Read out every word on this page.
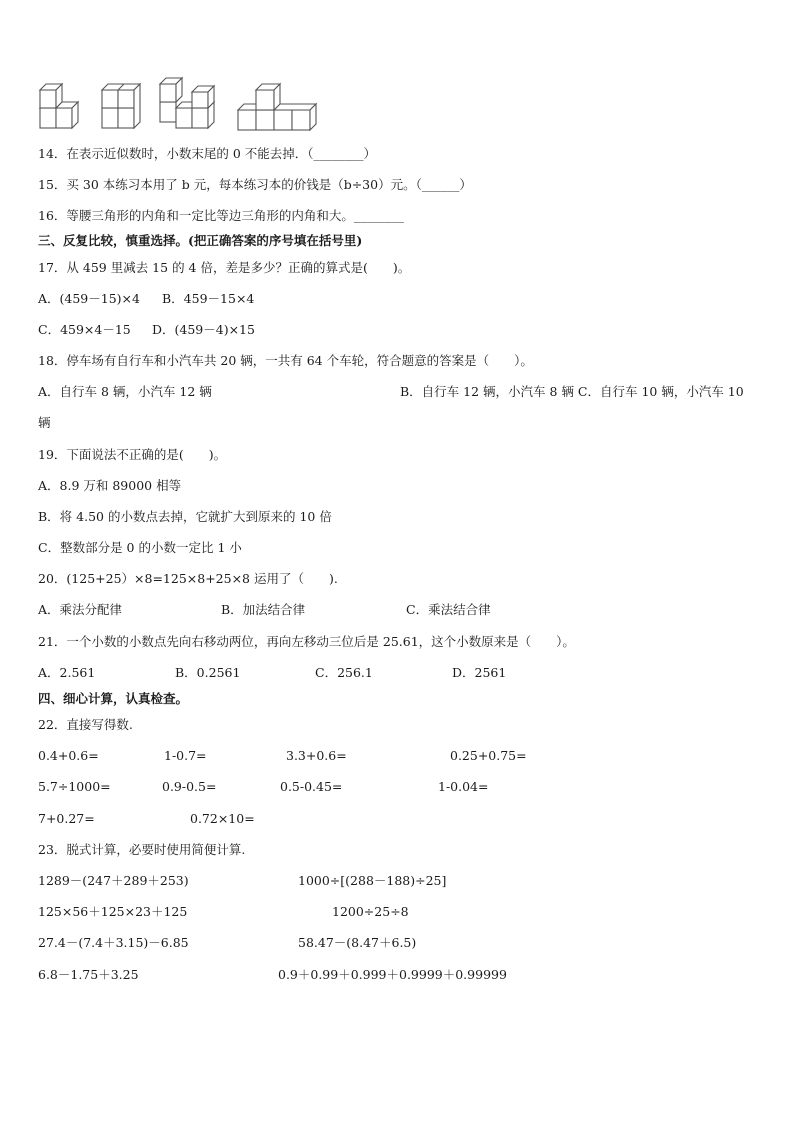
14．在表示近似数时，小数末尾的 0 不能去掉．（________）
15．买 30 本练习本用了 b 元，每本练习本的价钱是（b÷30）元。（______）
16．等腰三角形的内角和一定比等边三角形的内角和大。________
三、反复比较，慎重选择。(把正确答案的序号填在括号里)
17．从 459 里减去 15 的 4 倍，差是多少？正确的算式是(　　)。
A．(459－15)×4 B．459－15×4
C．459×4－15 D．(459－4)×15
18．停车场有自行车和小汽车共 20 辆，一共有 64 个车轮，符合题意的答案是（　　）。
A．自行车 8 辆，小汽车 12 辆	B．自行车 12 辆，小汽车 8 辆 C．自行车 10 辆，小汽车 10
辆
19．下面说法不正确的是(　　)。
A．8.9 万和 89000 相等
B．将 4.50 的小数点去掉，它就扩大到原来的 10 倍
C．整数部分是 0 的小数一定比 1 小
20．(125+25）×8=125×8+25×8 运用了（　　).
A．乘法分配律	B．加法结合律	C．乘法结合律
21．一个小数的小数点先向右移动两位，再向左移动三位后是 25.61，这个小数原来是（　　）。
A．2.561	B．0.2561	C．256.1	D．2561
四、细心计算，认真检查。
22．直接写得数.
0.4+0.6=	1-0.7=	3.3+0.6=	0.25+0.75=
5.7÷1000=	0.9-0.5=	0.5-0.45=	1-0.04=
7+0.27=	0.72×10=
23．脱式计算，必要时使用简便计算.
1289－(247＋289＋253)	1000÷[(288－188)÷25]
125×56＋125×23＋125	1200÷25÷8
27.4－(7.4＋3.15)－6.85	58.47－(8.47＋6.5)
6.8－1.75＋3.25	0.9＋0.99＋0.999＋0.9999＋0.99999
